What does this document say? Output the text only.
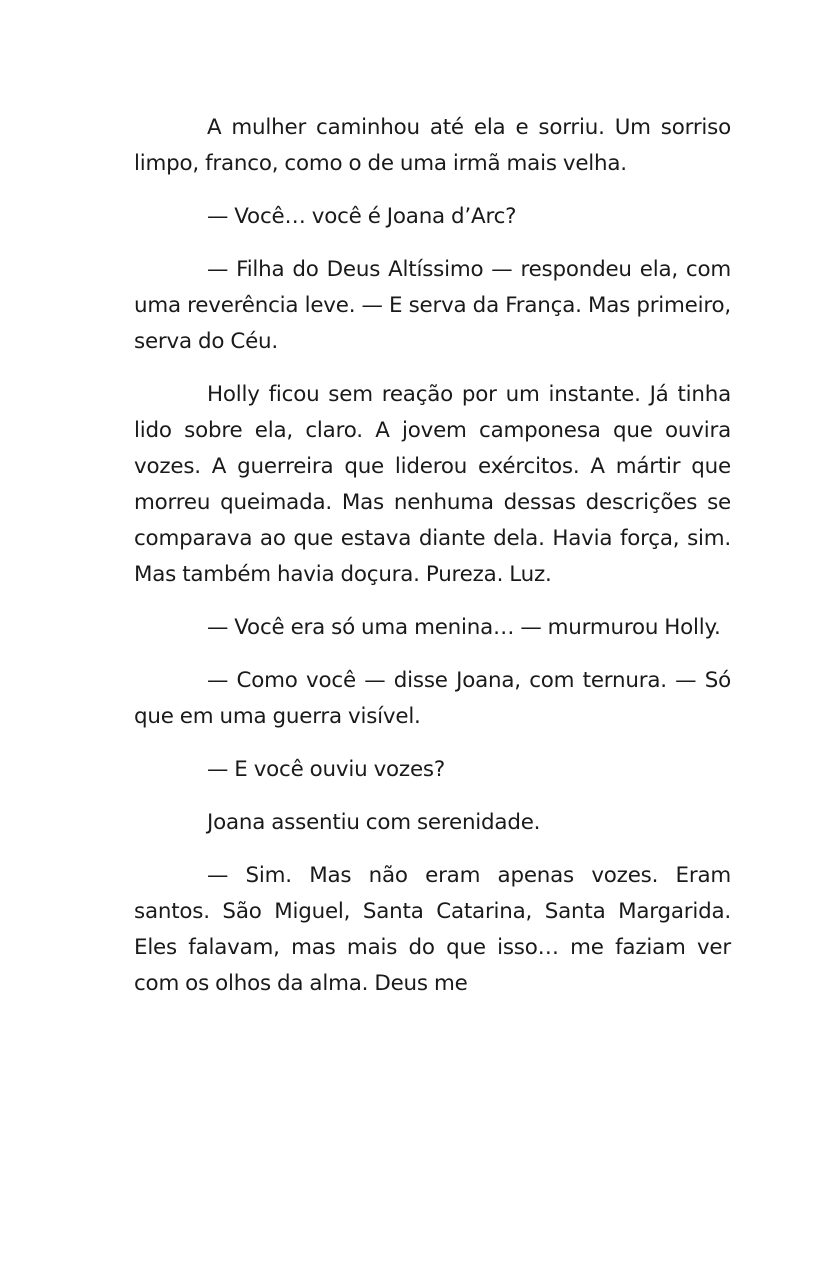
A mulher caminhou até ela e sorriu. Um sorriso limpo, franco, como o de uma irmã mais velha.

— Você… você é Joana d’Arc?

— Filha do Deus Altíssimo — respondeu ela, com uma reverência leve. — E serva da França. Mas primeiro, serva do Céu.

Holly ficou sem reação por um instante. Já tinha lido sobre ela, claro. A jovem camponesa que ouvira vozes. A guerreira que liderou exércitos. A mártir que morreu queimada. Mas nenhuma dessas descrições se comparava ao que estava diante dela. Havia força, sim. Mas também havia doçura. Pureza. Luz.

— Você era só uma menina… — murmurou Holly.

— Como você — disse Joana, com ternura. — Só que em uma guerra visível.

— E você ouviu vozes?

Joana assentiu com serenidade.

— Sim. Mas não eram apenas vozes. Eram santos. São Miguel, Santa Catarina, Santa Margarida. Eles falavam, mas mais do que isso… me faziam ver com os olhos da alma. Deus me
